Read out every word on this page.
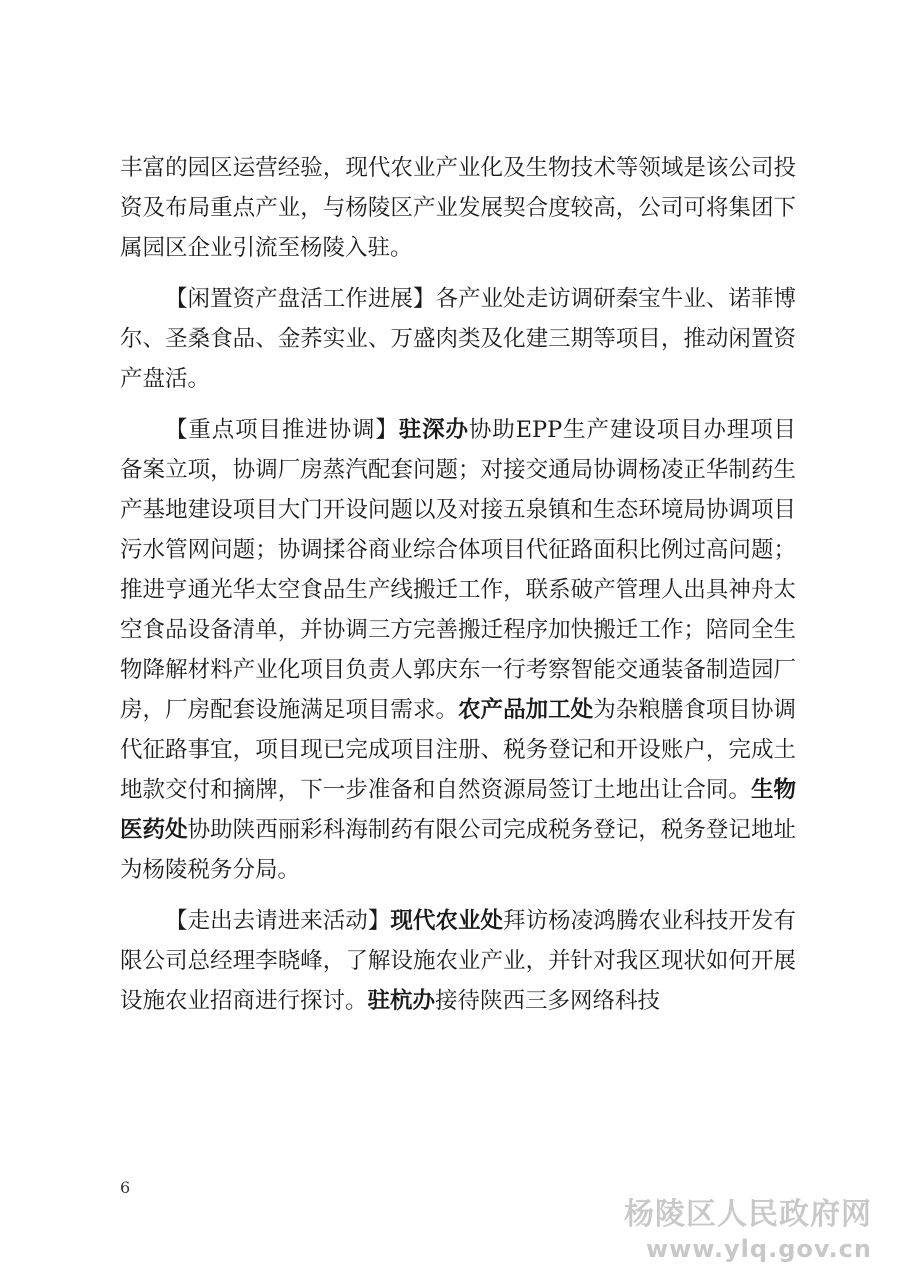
丰富的园区运营经验，现代农业产业化及生物技术等领域是该公司投资及布局重点产业，与杨陵区产业发展契合度较高，公司可将集团下属园区企业引流至杨陵入驻。

【闲置资产盘活工作进展】各产业处走访调研秦宝牛业、诺菲博尔、圣桑食品、金荞实业、万盛肉类及化建三期等项目，推动闲置资产盘活。

【重点项目推进协调】驻深办协助EPP生产建设项目办理项目备案立项，协调厂房蒸汽配套问题；对接交通局协调杨凌正华制药生产基地建设项目大门开设问题以及对接五泉镇和生态环境局协调项目污水管网问题；协调揉谷商业综合体项目代征路面积比例过高问题；推进亨通光华太空食品生产线搬迁工作，联系破产管理人出具神舟太空食品设备清单，并协调三方完善搬迁程序加快搬迁工作；陪同全生物降解材料产业化项目负责人郭庆东一行考察智能交通装备制造园厂房，厂房配套设施满足项目需求。农产品加工处为杂粮膳食项目协调代征路事宜，项目现已完成项目注册、税务登记和开设账户，完成土地款交付和摘牌，下一步准备和自然资源局签订土地出让合同。生物医药处协助陕西丽彩科海制药有限公司完成税务登记，税务登记地址为杨陵税务分局。

【走出去请进来活动】现代农业处拜访杨凌鸿腾农业科技开发有限公司总经理李晓峰，了解设施农业产业，并针对我区现状如何开展设施农业招商进行探讨。驻杭办接待陕西三多网络科技

6
杨陵区人民政府网
www.ylq.gov.cn
